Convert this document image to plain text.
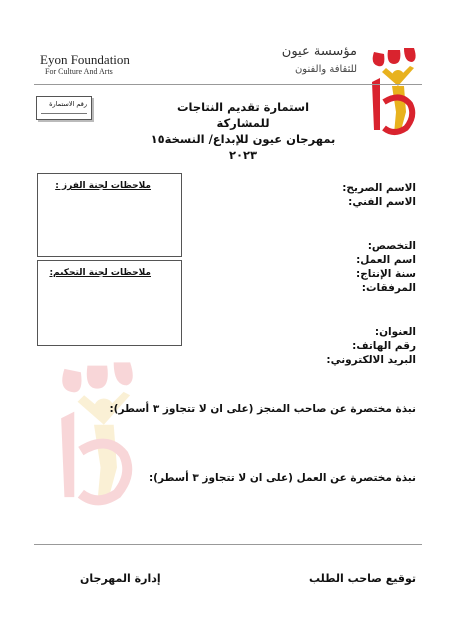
Eyon Foundation
For Culture And Arts
مؤسسة عيون
للثقافة والفنون
رقم الاستمارة	استمارة تقديم النتاجات للمشاركة
بمهرجان عيون للإبداع/ النسخة١٥
٢٠٢٣
ملاحظات لجنة الفرز :
ملاحظات لجنة التحكيم:
الاسم الصريح:
الاسم الفني:
التخصص:
اسم العمل:
سنة الإنتاج:
المرفقات:
العنوان:
رقم الهاتف:
البريد الالكتروني:
نبذة مختصرة عن صاحب المنجز (على ان لا تتجاوز ٣ أسطر):
نبذة مختصرة عن العمل (على ان لا تتجاوز ٣ أسطر):
توقيع صاحب الطلب
إدارة المهرجان
